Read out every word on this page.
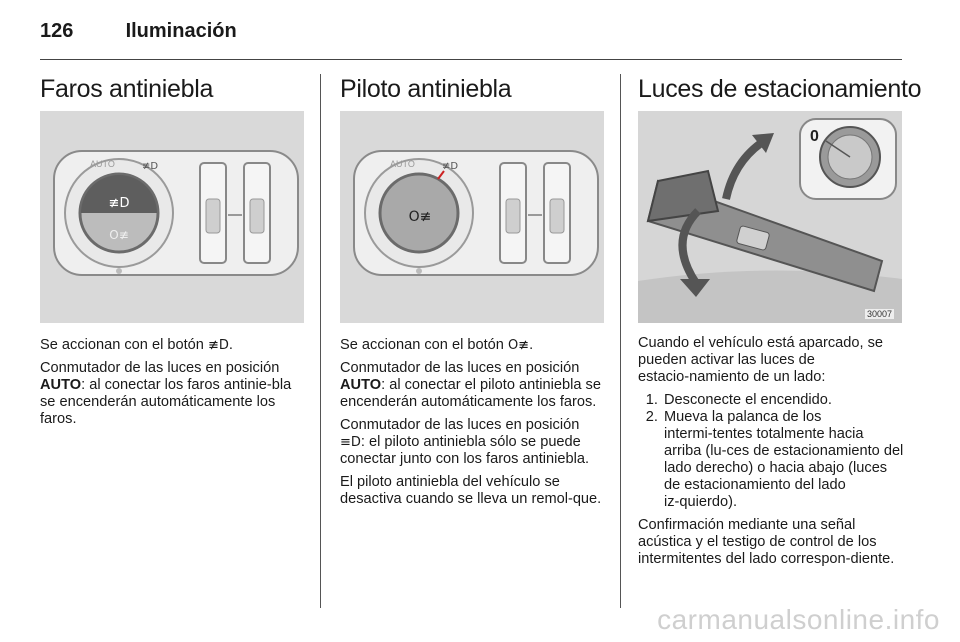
126	Iluminación
Faros antiniebla
≢D
O≢
AUTO	≢D

Se accionan con el botón ≢D.

Conmutador de las luces en posición
AUTO: al conectar los faros antinie‑bla se encenderán automáticamente los faros.

Piloto antiniebla
O≢
AUTO	≢D

Se accionan con el botón O≢.

Conmutador de las luces en posición
AUTO: al conectar el piloto antiniebla se encenderán automáticamente los faros.

Conmutador de las luces en posición ≡D: el piloto antiniebla sólo se puede conectar junto con los faros antiniebla.

El piloto antiniebla del vehículo se desactiva cuando se lleva un remol‑que.

Luces de estacionamiento
0
30007

Cuando el vehículo está aparcado, se pueden activar las luces de estacio‑namiento de un lado:

1. Desconecte el encendido.
2. Mueva la palanca de los intermi‑tentes totalmente hacia arriba (lu‑ces de estacionamiento del lado derecho) o hacia abajo (luces de estacionamiento del lado iz‑quierdo).

Confirmación mediante una señal acústica y el testigo de control de los intermitentes del lado correspon‑diente.

carmanualsonline.info
